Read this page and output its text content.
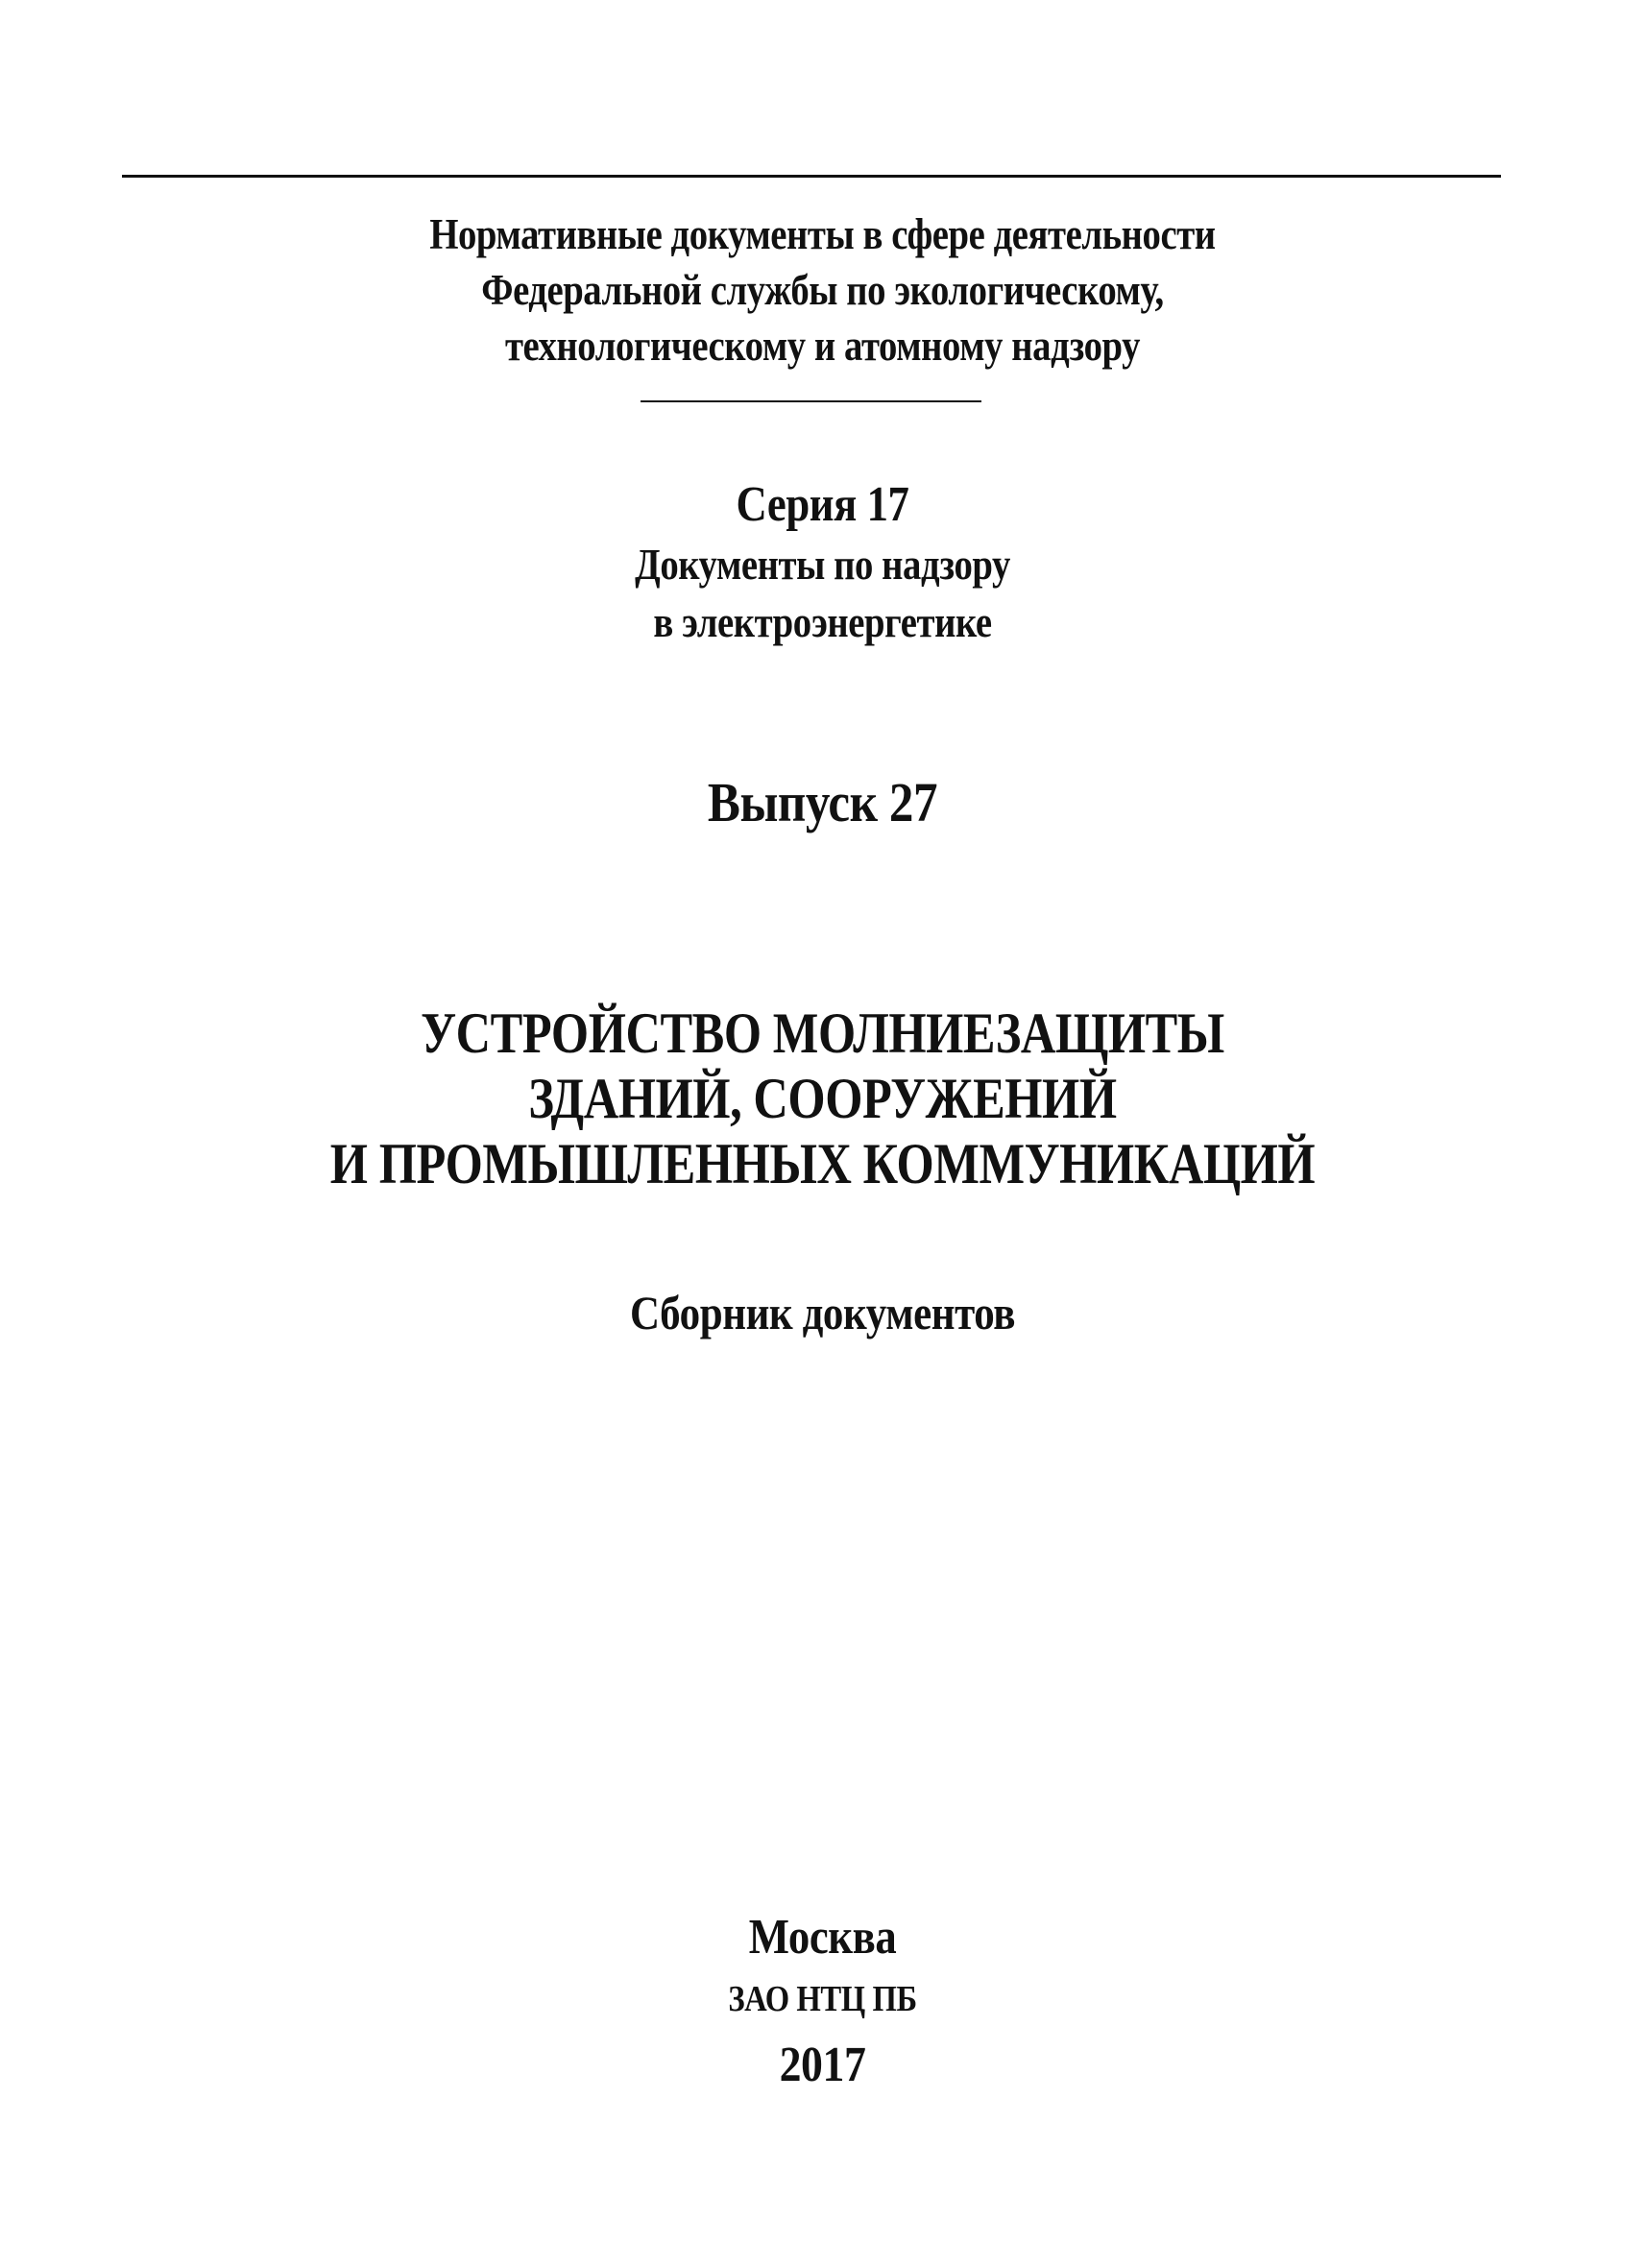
Нормативные документы в сфере деятельности
Федеральной службы по экологическому,
технологическому и атомному надзору
Серия 17
Документы по надзору
в электроэнергетике
Выпуск 27
УСТРОЙСТВО МОЛНИЕЗАЩИТЫ
ЗДАНИЙ, СООРУЖЕНИЙ
И ПРОМЫШЛЕННЫХ КОММУНИКАЦИЙ
Сборник документов
Москва
ЗАО НТЦ ПБ
2017
